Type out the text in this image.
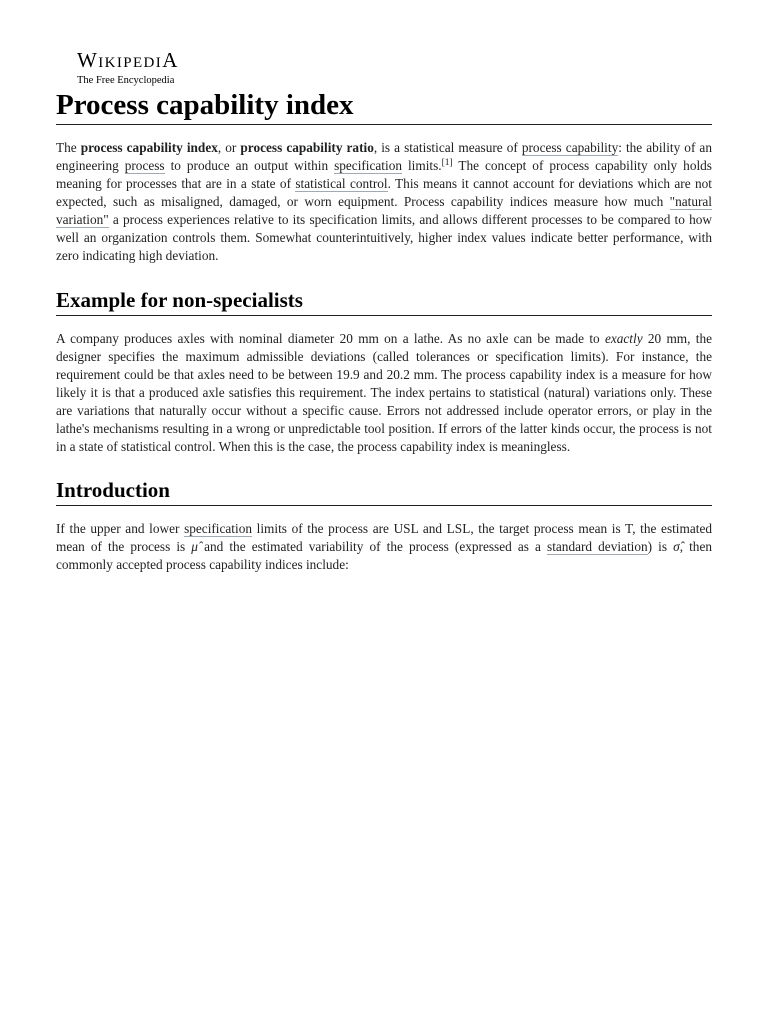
WIKIPEDIA
The Free Encyclopedia
Process capability index

The process capability index, or process capability ratio, is a statistical measure of process capability: the ability of an engineering process to produce an output within specification limits.[1] The concept of process capability only holds meaning for processes that are in a state of statistical control. This means it cannot account for deviations which are not expected, such as misaligned, damaged, or worn equipment. Process capability indices measure how much "natural variation" a process experiences relative to its specification limits, and allows different processes to be compared to how well an organization controls them. Somewhat counterintuitively, higher index values indicate better performance, with zero indicating high deviation.

Example for non-specialists

A company produces axles with nominal diameter 20 mm on a lathe. As no axle can be made to exactly 20 mm, the designer specifies the maximum admissible deviations (called tolerances or specification limits). For instance, the requirement could be that axles need to be between 19.9 and 20.2 mm. The process capability index is a measure for how likely it is that a produced axle satisfies this requirement. The index pertains to statistical (natural) variations only. These are variations that naturally occur without a specific cause. Errors not addressed include operator errors, or play in the lathe's mechanisms resulting in a wrong or unpredictable tool position. If errors of the latter kinds occur, the process is not in a state of statistical control. When this is the case, the process capability index is meaningless.

Introduction

If the upper and lower specification limits of the process are USL and LSL, the target process mean is T, the estimated mean of the process is μ̂ and the estimated variability of the process (expressed as a standard deviation) is σ̂, then commonly accepted process capability indices include:
